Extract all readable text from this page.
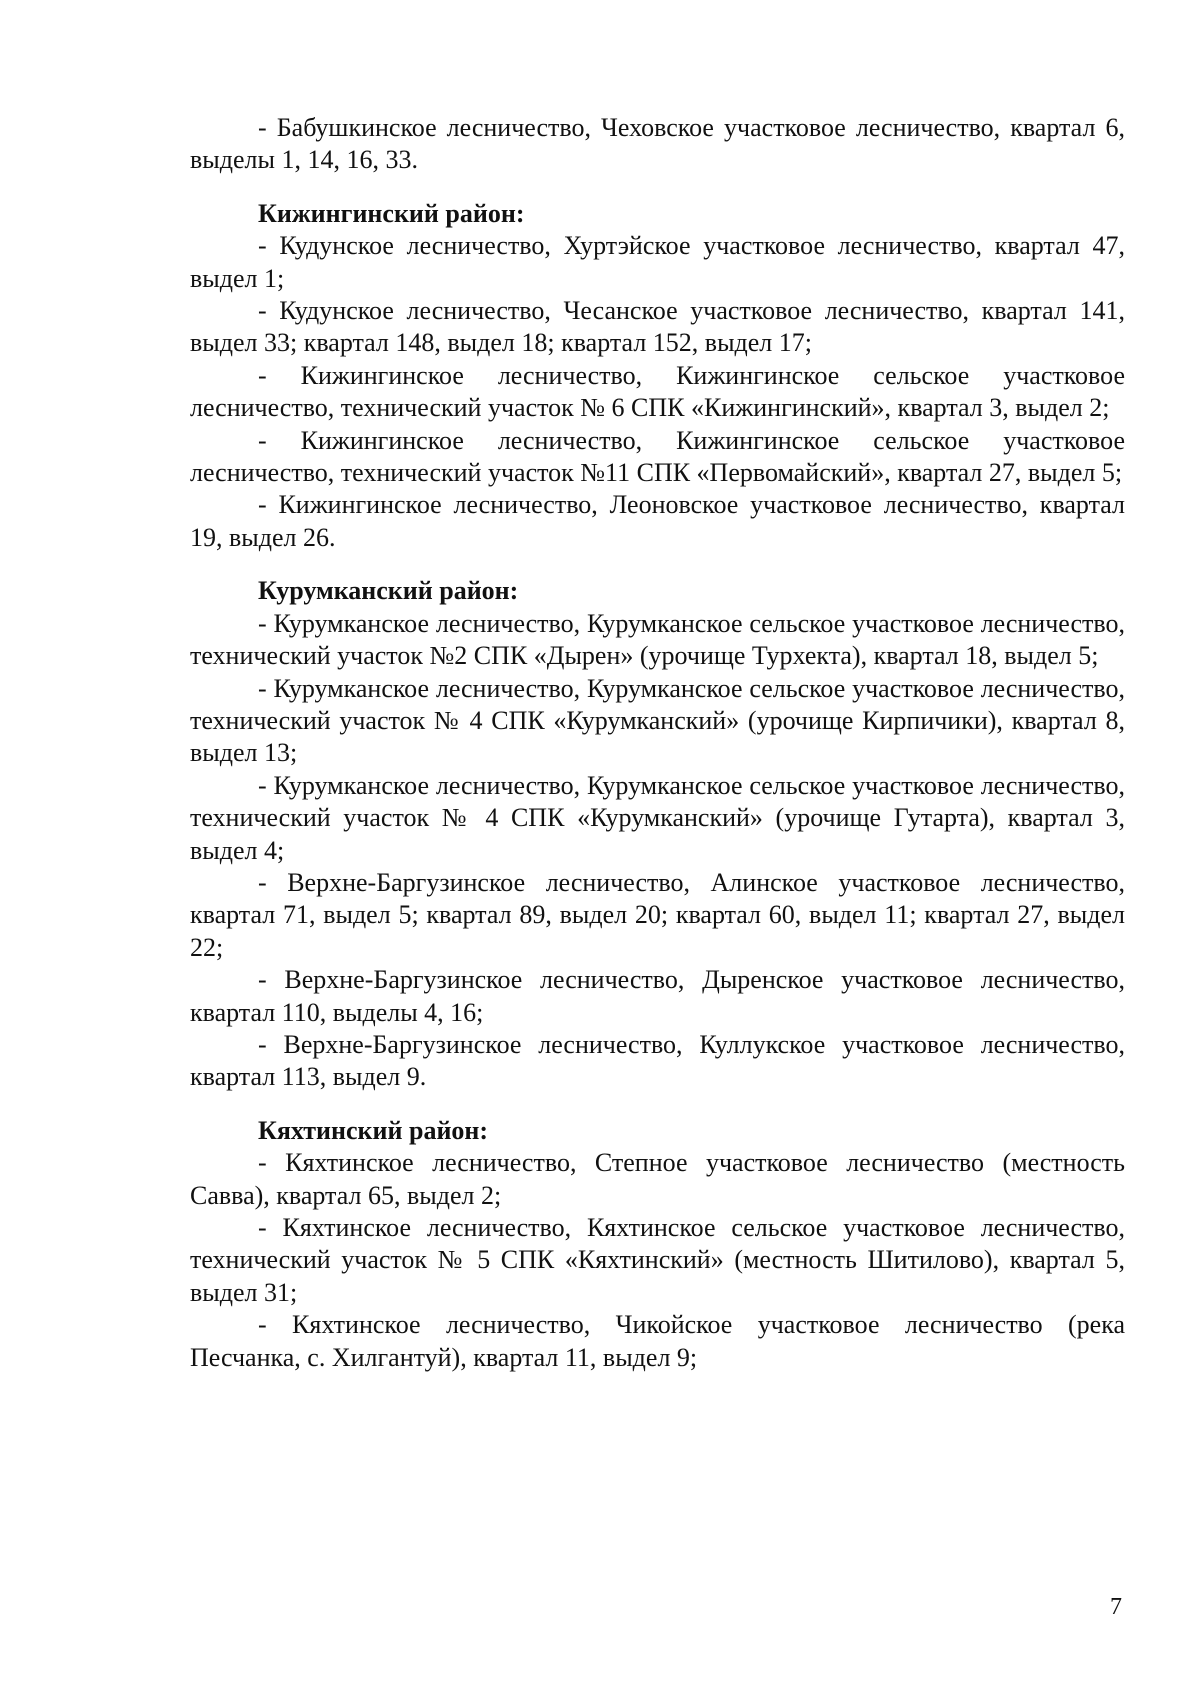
- Бабушкинское лесничество, Чеховское участковое лесничество, квартал 6, выделы 1, 14, 16, 33.

Кижингинский район:

- Кудунское лесничество, Хуртэйское участковое лесничество, квартал 47, выдел 1;

- Кудунское лесничество, Чесанское участковое лесничество, квартал 141, выдел 33; квартал 148, выдел 18; квартал 152, выдел 17;

- Кижингинское лесничество, Кижингинское сельское участковое лесничество, технический участок № 6 СПК «Кижингинский», квартал 3, выдел 2;

- Кижингинское лесничество, Кижингинское сельское участковое лесничество, технический участок №11 СПК «Первомайский», квартал 27, выдел 5;

- Кижингинское лесничество, Леоновское участковое лесничество, квартал 19, выдел 26.

Курумканский район:

- Курумканское лесничество, Курумканское сельское участковое лесничество, технический участок №2 СПК «Дырен» (урочище Турхекта), квартал 18, выдел 5;

- Курумканское лесничество, Курумканское сельское участковое лесничество, технический участок № 4 СПК «Курумканский» (урочище Кирпичики), квартал 8, выдел 13;

- Курумканское лесничество, Курумканское сельское участковое лесничество, технический участок № 4 СПК «Курумканский» (урочище Гутарта), квартал 3, выдел 4;

- Верхне-Баргузинское лесничество, Алинское участковое лесничество, квартал 71, выдел 5; квартал 89, выдел 20; квартал 60, выдел 11; квартал 27, выдел 22;

- Верхне-Баргузинское лесничество, Дыренское участковое лесничество, квартал 110, выделы 4, 16;

- Верхне-Баргузинское лесничество, Куллукское участковое лесничество, квартал 113, выдел 9.

Кяхтинский район:

- Кяхтинское лесничество, Степное участковое лесничество (местность Савва), квартал 65, выдел 2;

- Кяхтинское лесничество, Кяхтинское сельское участковое лесничество, технический участок № 5 СПК «Кяхтинский» (местность Шитилово), квартал 5, выдел 31;

- Кяхтинское лесничество, Чикойское участковое лесничество (река Песчанка, с. Хилгантуй), квартал 11, выдел 9;

7
